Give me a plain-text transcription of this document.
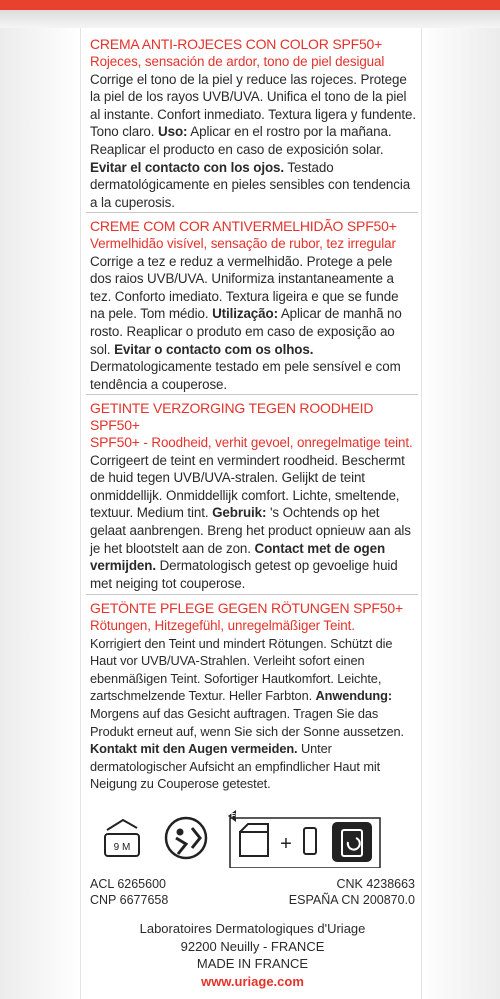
CREMA ANTI-ROJECES CON COLOR SPF50+
Rojeces, sensación de ardor, tono de piel desigual
Corrige el tono de la piel y reduce las rojeces. Protege la piel de los rayos UVB/UVA. Unifica el tono de la piel al instante. Confort inmediato. Textura ligera y fundente. Tono claro. Uso: Aplicar en el rostro por la mañana. Reaplicar el producto en caso de exposición solar. Evitar el contacto con los ojos. Testado dermatológicamente en pieles sensibles con tendencia a la cuperosis.
CREME COM COR ANTIVERMELHIDÃO SPF50+
Vermelhidão visível, sensação de rubor, tez irregular
Corrige a tez e reduz a vermelhidão. Protege a pele dos raios UVB/UVA. Uniformiza instantaneamente a tez. Conforto imediato. Textura ligeira e que se funde na pele. Tom médio. Utilização: Aplicar de manhã no rosto. Reaplicar o produto em caso de exposição ao sol. Evitar o contacto com os olhos. Dermatologicamente testado em pele sensível e com tendência a couperose.
GETINTE VERZORGING TEGEN ROODHEID SPF50+
SPF50+ - Roodheid, verhit gevoel, onregelmatige teint. Corrigeert de teint en vermindert roodheid. Beschermt de huid tegen UVB/UVA-stralen. Gelijkt de teint onmiddellijk. Onmiddellijk comfort. Lichte, smeltende, textuur. Medium tint. Gebruik: 's Ochtends op het gelaat aanbrengen. Breng het product opnieuw aan als je het blootstelt aan de zon. Contact met de ogen vermijden. Dermatologisch getest op gevoelige huid met neiging tot couperose.
GETÖNTE PFLEGE GEGEN RÖTUNGEN SPF50+
Rötungen, Hitzegefühl, unregelmäßiger Teint.
Korrigiert den Teint und mindert Rötungen. Schützt die Haut vor UVB/UVA-Strahlen. Verleiht sofort einen ebenmäßigen Teint. Sofortiger Hautkomfort. Leichte, zartschmelzende Textur. Heller Farbton. Anwendung: Morgens auf das Gesicht auftragen. Tragen Sie das Produkt erneut auf, wenn Sie sich der Sonne aussetzen. Kontakt mit den Augen vermeiden. Unter dermatologischer Aufsicht an empfindlicher Haut mit Neigung zu Couperose getestet.
9 M
FR
+
ACL 6265600
CNP 6677658
CNK 4238663
ESPAÑA CN 200870.0
Laboratoires Dermatologiques d'Uriage
92200 Neuilly - FRANCE
MADE IN FRANCE
www.uriage.com
